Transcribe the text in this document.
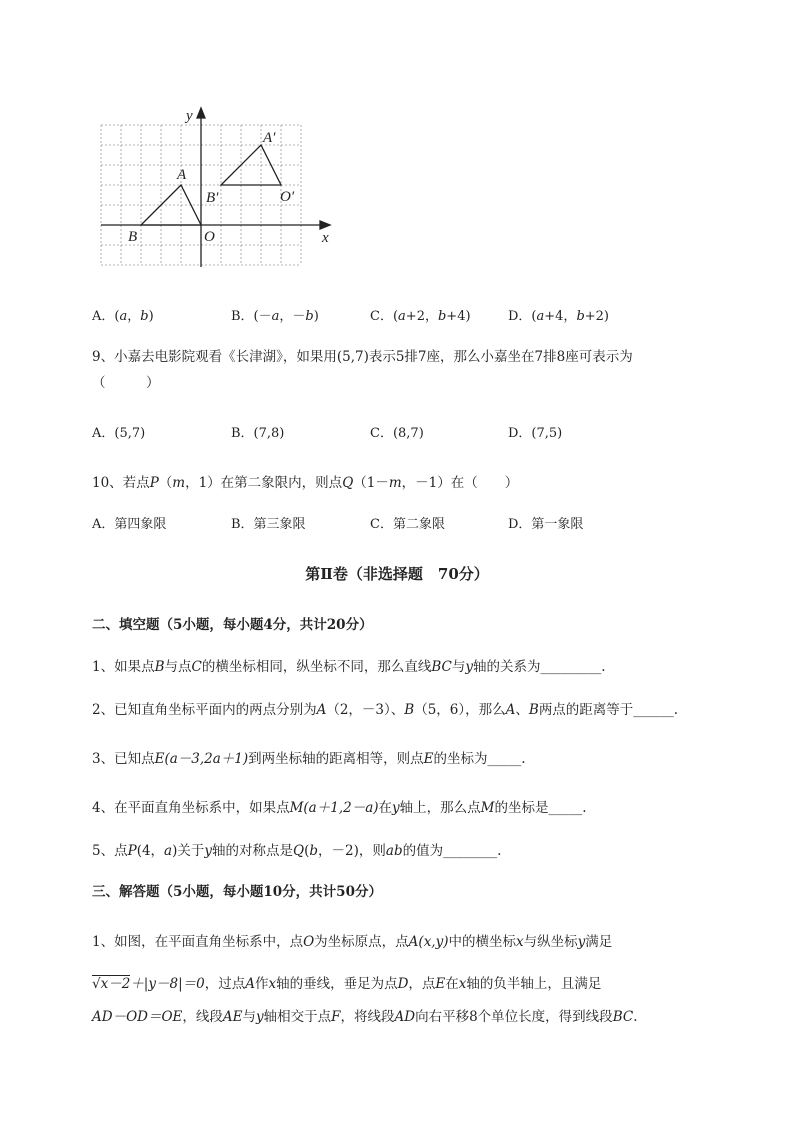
x
y
A
B	O
A′
B′	O′
A．(a，b)	B．(－a，－b)	C．(a+2，b+4)	D．(a+4，b+2)
9、小嘉去电影院观看《长津湖》，如果用(5,7)表示5排7座，那么小嘉坐在7排8座可表示为
（　　　）
A．(5,7)	B．(7,8)	C．(8,7)	D．(7,5)
10、若点P（m，1）在第二象限内，则点Q（1－m，－1）在（　　）
A．第四象限	B．第三象限	C．第二象限	D．第一象限
第Ⅱ卷（非选择题　70分）
二、填空题（5小题，每小题4分，共计20分）
1、如果点B与点C的横坐标相同，纵坐标不同，那么直线BC与y轴的关系为_________.
2、已知直角坐标平面内的两点分别为A（2，－3）、B（5，6），那么A、B两点的距离等于______.
3、已知点E(a－3,2a＋1)到两坐标轴的距离相等，则点E的坐标为_____.
4、在平面直角坐标系中，如果点M(a＋1,2－a)在y轴上，那么点M的坐标是_____.
5、点P(4，a)关于y轴的对称点是Q(b，－2)，则ab的值为________.
三、解答题（5小题，每小题10分，共计50分）
1、如图，在平面直角坐标系中，点O为坐标原点，点A(x,y)中的横坐标x与纵坐标y满足
√x－2＋|y－8|＝0，过点A作x轴的垂线，垂足为点D，点E在x轴的负半轴上，且满足
AD－OD＝OE，线段AE与y轴相交于点F，将线段AD向右平移8个单位长度，得到线段BC.
